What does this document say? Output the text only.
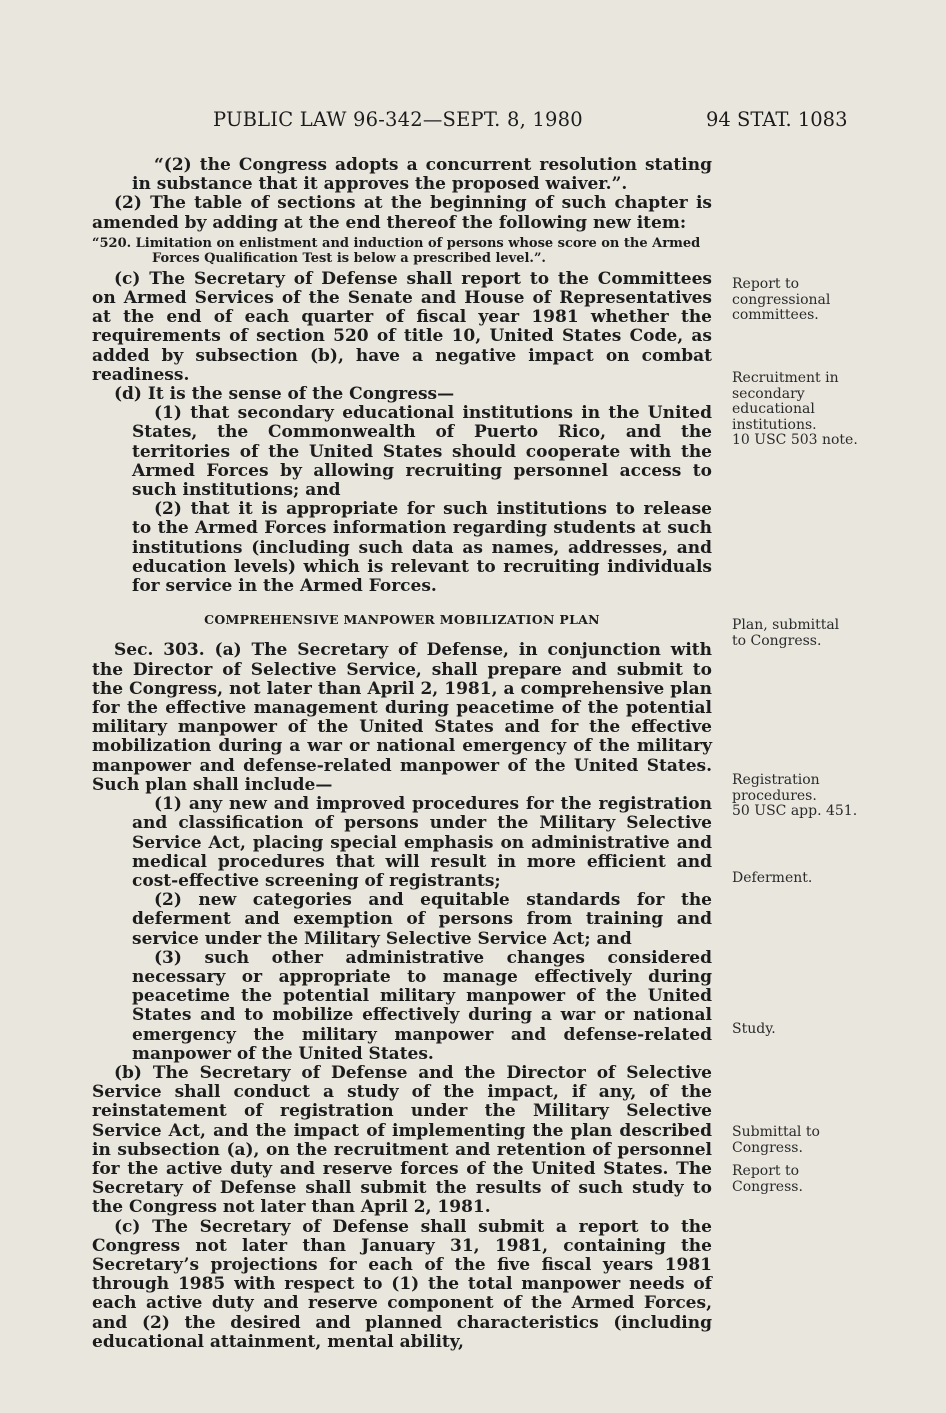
PUBLIC LAW 96-342—SEPT. 8, 1980	94 STAT. 1083

“(2) the Congress adopts a concurrent resolution stating in substance that it approves the proposed waiver.”.

(2) The table of sections at the beginning of such chapter is amended by adding at the end thereof the following new item:

“520. Limitation on enlistment and induction of persons whose score on the Armed
Forces Qualification Test is below a prescribed level.”.

(c) The Secretary of Defense shall report to the Committees on Armed Services of the Senate and House of Representatives at the end of each quarter of fiscal year 1981 whether the requirements of section 520 of title 10, United States Code, as added by subsection (b), have a negative impact on combat readiness.

(d) It is the sense of the Congress—

(1) that secondary educational institutions in the United States, the Commonwealth of Puerto Rico, and the territories of the United States should cooperate with the Armed Forces by allowing recruiting personnel access to such institutions; and

(2) that it is appropriate for such institutions to release to the Armed Forces information regarding students at such institutions (including such data as names, addresses, and education levels) which is relevant to recruiting individuals for service in the Armed Forces.

COMPREHENSIVE MANPOWER MOBILIZATION PLAN

Sec. 303. (a) The Secretary of Defense, in conjunction with the Director of Selective Service, shall prepare and submit to the Congress, not later than April 2, 1981, a comprehensive plan for the effective management during peacetime of the potential military manpower of the United States and for the effective mobilization during a war or national emergency of the military manpower and defense-related manpower of the United States. Such plan shall include—

(1) any new and improved procedures for the registration and classification of persons under the Military Selective Service Act, placing special emphasis on administrative and medical procedures that will result in more efficient and cost-effective screening of registrants;

(2) new categories and equitable standards for the deferment and exemption of persons from training and service under the Military Selective Service Act; and

(3) such other administrative changes considered necessary or appropriate to manage effectively during peacetime the potential military manpower of the United States and to mobilize effectively during a war or national emergency the military manpower and defense-related manpower of the United States.

(b) The Secretary of Defense and the Director of Selective Service shall conduct a study of the impact, if any, of the reinstatement of registration under the Military Selective Service Act, and the impact of implementing the plan described in subsection (a), on the recruitment and retention of personnel for the active duty and reserve forces of the United States. The Secretary of Defense shall submit the results of such study to the Congress not later than April 2, 1981.

(c) The Secretary of Defense shall submit a report to the Congress not later than January 31, 1981, containing the Secretary’s projections for each of the five fiscal years 1981 through 1985 with respect to (1) the total manpower needs of each active duty and reserve component of the Armed Forces, and (2) the desired and planned characteristics (including educational attainment, mental ability,

Report to
congressional
committees.
Recruitment in
secondary
educational
institutions.
10 USC 503 note.
Plan, submittal
to Congress.
Registration
procedures.
50 USC app. 451.
Deferment.
Study.
Submittal to
Congress.
Report to
Congress.
